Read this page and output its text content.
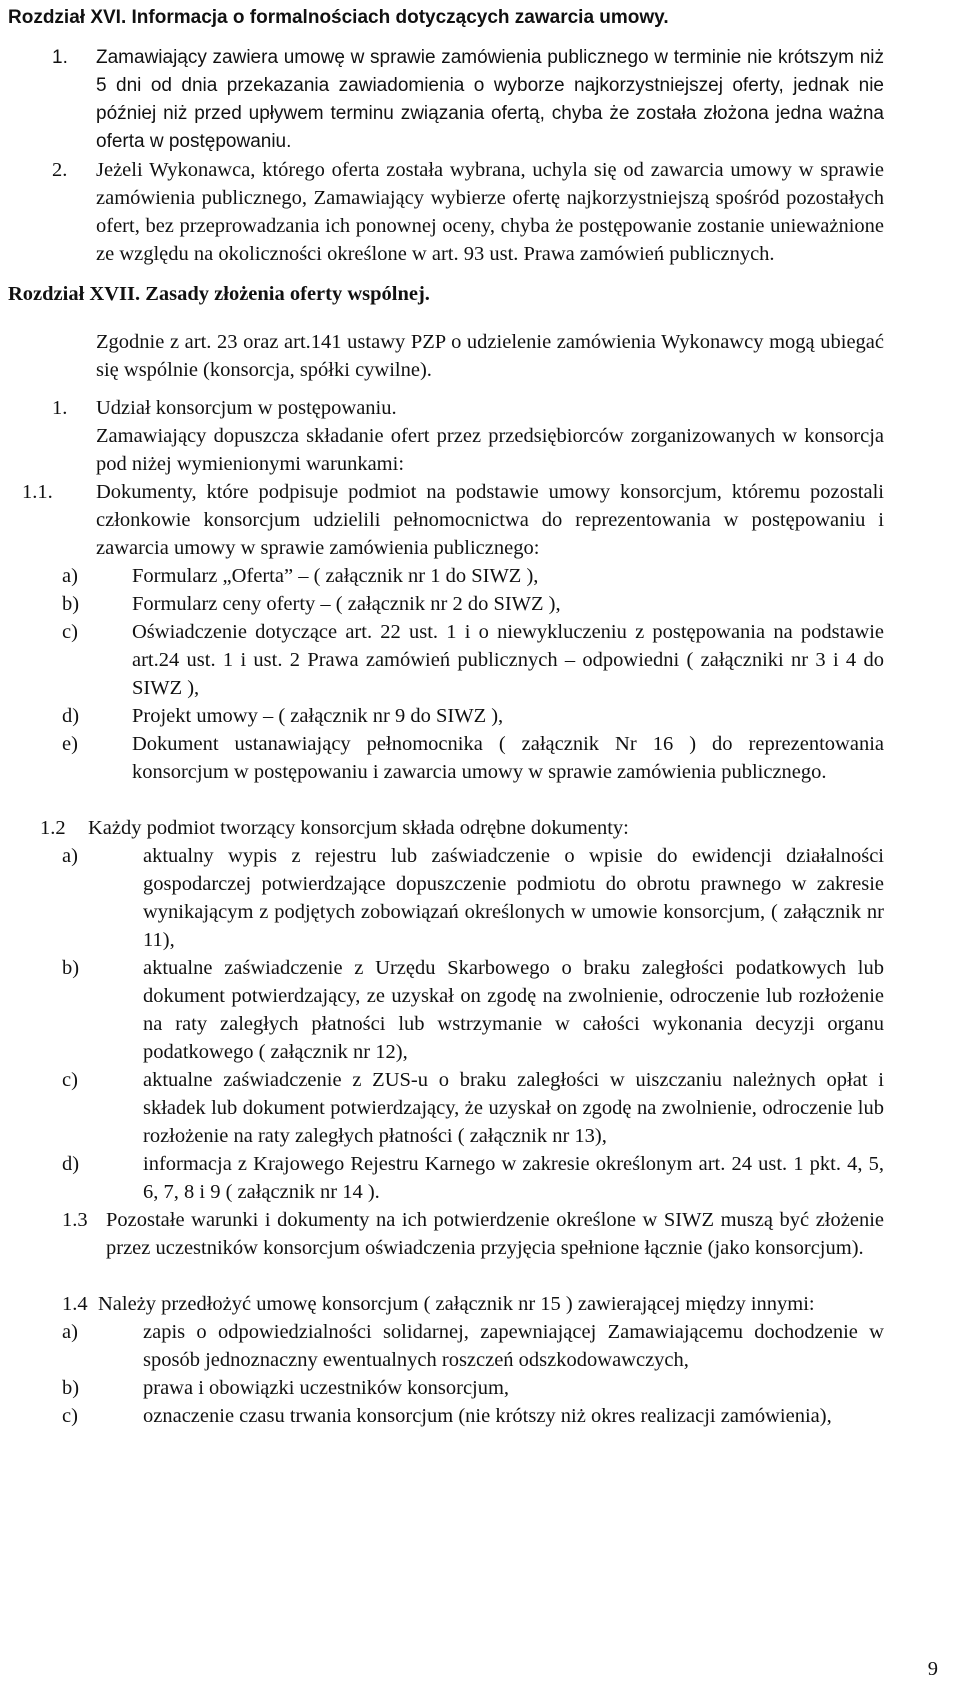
Rozdział XVI. Informacja o formalnościach dotyczących zawarcia umowy.
1.	Zamawiający zawiera umowę w sprawie zamówienia publicznego w terminie nie krótszym niż 5 dni od dnia przekazania zawiadomienia o wyborze najkorzystniejszej oferty, jednak nie później niż przed upływem terminu związania ofertą, chyba że została złożona jedna ważna oferta w postępowaniu.
2.	Jeżeli Wykonawca, którego oferta została wybrana, uchyla się od zawarcia umowy w sprawie zamówienia publicznego, Zamawiający wybierze ofertę najkorzystniejszą spośród pozostałych ofert, bez przeprowadzania ich ponownej oceny, chyba że postępowanie zostanie unieważnione ze względu na okoliczności określone w art. 93 ust. Prawa zamówień publicznych.
Rozdział XVII. Zasady złożenia oferty wspólnej.
Zgodnie z art. 23 oraz art.141 ustawy PZP o udzielenie zamówienia Wykonawcy mogą ubiegać się wspólnie (konsorcja, spółki cywilne).
1.	Udział konsorcjum w postępowaniu.
Zamawiający dopuszcza składanie ofert przez przedsiębiorców zorganizowanych w konsorcja pod niżej wymienionymi warunkami:
1.1.	Dokumenty, które podpisuje podmiot na podstawie umowy konsorcjum, któremu pozostali członkowie konsorcjum udzielili pełnomocnictwa do reprezentowania w postępowaniu i zawarcia umowy w sprawie zamówienia publicznego:
a)	Formularz „Oferta” – ( załącznik nr 1 do SIWZ ),
b)	Formularz ceny oferty – ( załącznik nr 2 do SIWZ ),
c)	Oświadczenie dotyczące art. 22 ust. 1 i o niewykluczeniu z postępowania na podstawie art.24 ust. 1 i ust. 2 Prawa zamówień publicznych – odpowiedni ( załączniki nr 3 i 4 do SIWZ ),
d)	Projekt umowy – ( załącznik nr 9 do SIWZ ),
e)	Dokument ustanawiający pełnomocnika ( załącznik Nr 16 ) do reprezentowania konsorcjum w postępowaniu i zawarcia umowy w sprawie zamówienia publicznego.
1.2	Każdy podmiot tworzący konsorcjum składa odrębne dokumenty:
a)	aktualny wypis z rejestru lub zaświadczenie o wpisie do ewidencji działalności gospodarczej potwierdzające dopuszczenie podmiotu do obrotu prawnego w zakresie wynikającym z podjętych zobowiązań określonych w umowie konsorcjum, ( załącznik nr 11),
b)	aktualne zaświadczenie z Urzędu Skarbowego o braku zaległości podatkowych lub dokument potwierdzający, ze uzyskał on zgodę na zwolnienie, odroczenie lub rozłożenie na raty zaległych płatności lub wstrzymanie w całości wykonania decyzji organu podatkowego ( załącznik nr 12),
c)	aktualne zaświadczenie z ZUS-u o braku zaległości w uiszczaniu należnych opłat i składek lub dokument potwierdzający, że uzyskał on zgodę na zwolnienie, odroczenie lub rozłożenie na raty zaległych płatności ( załącznik nr 13),
d)	informacja z Krajowego Rejestru Karnego w zakresie określonym art. 24 ust. 1 pkt. 4, 5, 6, 7, 8 i 9 ( załącznik nr 14 ).
1.3 Pozostałe warunki i dokumenty na ich potwierdzenie określone w SIWZ muszą być złożenie przez uczestników konsorcjum oświadczenia przyjęcia spełnione łącznie (jako konsorcjum).
1.4 Należy przedłożyć umowę konsorcjum ( załącznik nr 15 ) zawierającej między innymi:
a)	zapis o odpowiedzialności solidarnej, zapewniającej Zamawiającemu dochodzenie w sposób jednoznaczny ewentualnych roszczeń odszkodowawczych,
b)	prawa i obowiązki uczestników konsorcjum,
c)	oznaczenie czasu trwania konsorcjum (nie krótszy niż okres realizacji zamówienia),
9
